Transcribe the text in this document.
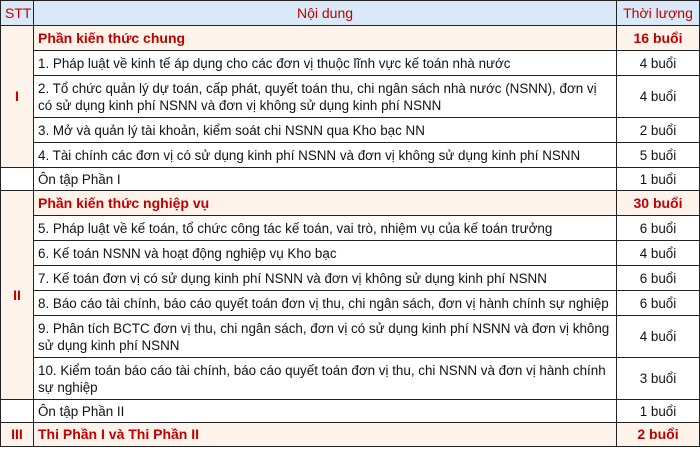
STT	Nội dung	Thời lượng
I	Phần kiến thức chung	16 buổi
	1. Pháp luật về kinh tế áp dụng cho các đơn vị thuộc lĩnh vực kế toán nhà nước	4 buổi
	2. Tổ chức quản lý dự toán, cấp phát, quyết toán thu, chi ngân sách nhà nước (NSNN), đơn vị có sử dụng kinh phí NSNN và đơn vị không sử dụng kinh phí NSNN	4 buổi
	3. Mở và quản lý tài khoản, kiểm soát chi NSNN qua Kho bạc NN	2 buổi
	4. Tài chính các đơn vị có sử dụng kinh phí NSNN và đơn vị không sử dụng kinh phí NSNN	5 buổi
	Ôn tập Phần I	1 buổi
II	Phần kiến thức nghiệp vụ	30 buổi
	5. Pháp luật về kế toán, tổ chức công tác kế toán, vai trò, nhiệm vụ của kế toán trưởng	6 buổi
	6. Kế toán NSNN và hoạt động nghiệp vụ Kho bạc	4 buổi
	7. Kế toán đơn vị có sử dụng kinh phí NSNN và đơn vị không sử dụng kinh phí NSNN	6 buổi
	8. Báo cáo tài chính, báo cáo quyết toán đơn vị thu, chi ngân sách, đơn vị hành chính sự nghiệp	6 buổi
	9. Phân tích BCTC đơn vị thu, chi ngân sách, đơn vị có sử dụng kinh phí NSNN và đơn vị không sử dụng kinh phí NSNN	4 buổi
	10. Kiểm toán báo cáo tài chính, báo cáo quyết toán đơn vị thu, chi NSNN và đơn vị hành chính sự nghiệp	3 buổi
	Ôn tập Phần II	1 buổi
III	Thi Phần I và Thi Phần II	2 buổi
